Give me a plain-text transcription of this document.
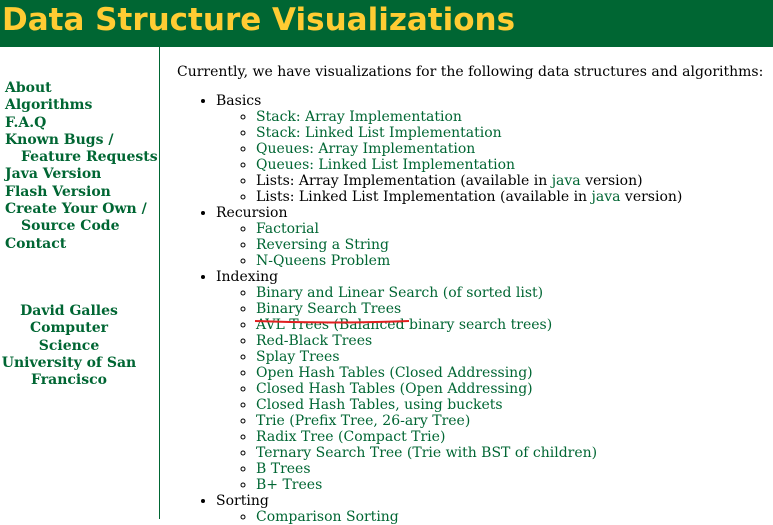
Data Structure Visualizations
About
Algorithms
F.A.Q
Known Bugs /

Feature Requests
Java Version
Flash Version
Create Your Own /

Source Code
Contact
David Galles
Computer Science
University of San
Francisco

Currently, we have visualizations for the following data structures and algorithms:

• Basics
◦ Stack: Array Implementation
◦ Stack: Linked List Implementation
◦ Queues: Array Implementation
◦ Queues: Linked List Implementation
◦ Lists: Array Implementation (available in java version)
◦ Lists: Linked List Implementation (available in java version)
• Recursion
◦ Factorial
◦ Reversing a String
◦ N-Queens Problem
• Indexing
◦ Binary and Linear Search (of sorted list)
◦ Binary Search Trees
◦ AVL Trees (Balanced binary search trees)
◦ Red-Black Trees
◦ Splay Trees
◦ Open Hash Tables (Closed Addressing)
◦ Closed Hash Tables (Open Addressing)
◦ Closed Hash Tables, using buckets
◦ Trie (Prefix Tree, 26-ary Tree)
◦ Radix Tree (Compact Trie)
◦ Ternary Search Tree (Trie with BST of children)
◦ B Trees
◦ B+ Trees
• Sorting
◦ Comparison Sorting
